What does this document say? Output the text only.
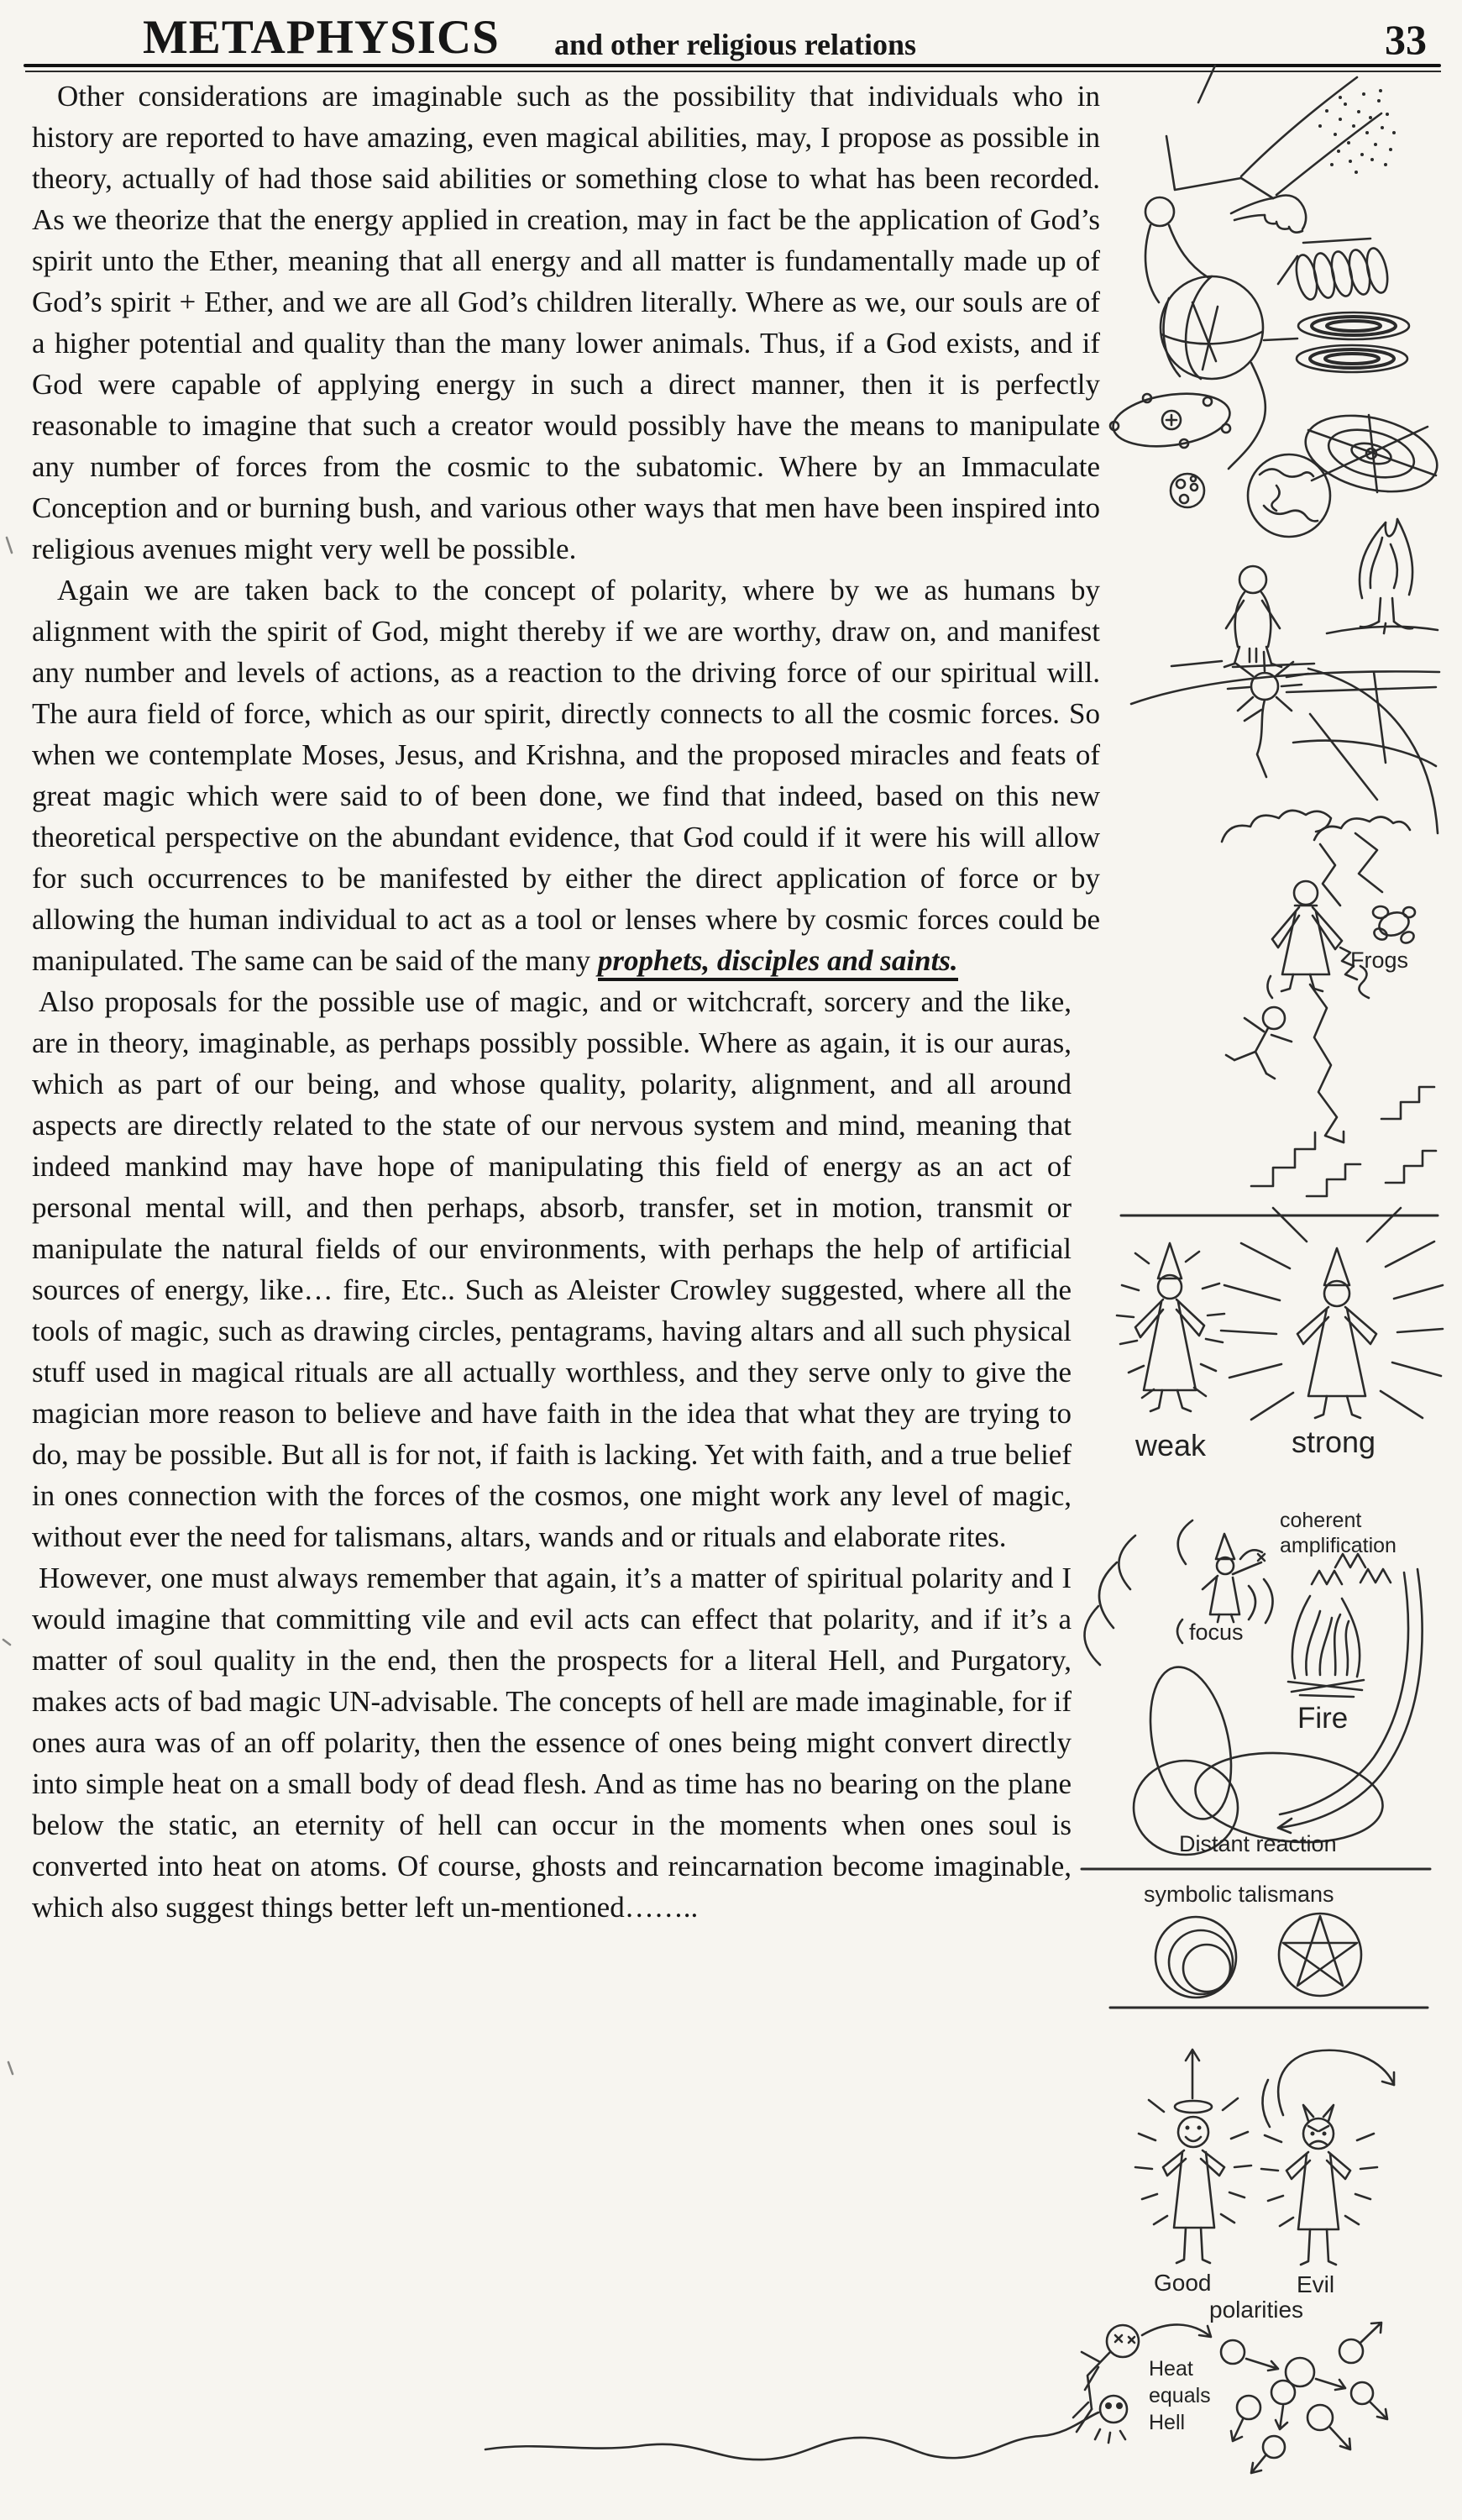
METAPHYSICS and other religious relations	33

Other considerations are imaginable such as the possibility that individuals who in history are reported to have amazing, even magical abilities, may, I propose as possible in theory, actually of had those said abilities or something close to what has been recorded. As we theorize that the energy applied in creation, may in fact be the application of God’s spirit unto the Ether, meaning that all energy and all matter is fundamentally made up of God’s spirit + Ether, and we are all God’s children literally. Where as we, our souls are of a higher potential and quality than the many lower animals. Thus, if a God exists, and if God were capable of applying energy in such a direct manner, then it is perfectly reasonable to imagine that such a creator would possibly have the means to manipulate any number of forces from the cosmic to the subatomic. Where by an Immaculate Conception and or burning bush, and various other ways that men have been inspired into religious avenues might very well be possible.

Again we are taken back to the concept of polarity, where by we as humans by alignment with the spirit of God, might thereby if we are worthy, draw on, and manifest any number and levels of actions, as a reaction to the driving force of our spiritual will. The aura field of force, which as our spirit, directly connects to all the cosmic forces. So when we contemplate Moses, Jesus, and Krishna, and the proposed miracles and feats of great magic which were said to of been done, we find that indeed, based on this new theoretical perspective on the abundant evidence, that God could if it were his will allow for such occurrences to be manifested by either the direct application of force or by allowing the human individual to act as a tool or lenses where by cosmic forces could be manipulated. The same can be said of the many prophets, disciples and saints.

Also proposals for the possible use of magic, and or witchcraft, sorcery and the like, are in theory, imaginable, as perhaps possibly possible. Where as again, it is our auras, which as part of our being, and whose quality, polarity, alignment, and all around aspects are directly related to the state of our nervous system and mind, meaning that indeed mankind may have hope of manipulating this field of energy as an act of personal mental will, and then perhaps, absorb, transfer, set in motion, transmit or manipulate the natural fields of our environments, with perhaps the help of artificial sources of energy, like… fire, Etc.. Such as Aleister Crowley suggested, where all the tools of magic, such as drawing circles, pentagrams, having altars and all such physical stuff used in magical rituals are all actually worthless, and they serve only to give the magician more reason to believe and have faith in the idea that what they are trying to do, may be possible. But all is for not, if faith is lacking. Yet with faith, and a true belief in ones connection with the forces of the cosmos, one might work any level of magic, without ever the need for talismans, altars, wands and or rituals and elaborate rites.

However, one must always remember that again, it’s a matter of spiritual polarity and I would imagine that committing vile and evil acts can effect that polarity, and if it’s a matter of soul quality in the end, then the prospects for a literal Hell, and Purgatory, makes acts of bad magic UN-advisable. The concepts of hell are made imaginable, for if ones aura was of an off polarity, then the essence of ones being might convert directly into simple heat on a small body of dead flesh. And as time has no bearing on the plane below the static, an eternity of hell can occur in the moments when ones soul is converted into heat on atoms. Of course, ghosts and reincarnation become imaginable, which also suggest things better left un-mentioned……..

Frogs
weak	strong
coherent
amplification
focus
Fire
Distant reaction
symbolic talismans
Good	Evil
polarities
Heat
equals
Hell
